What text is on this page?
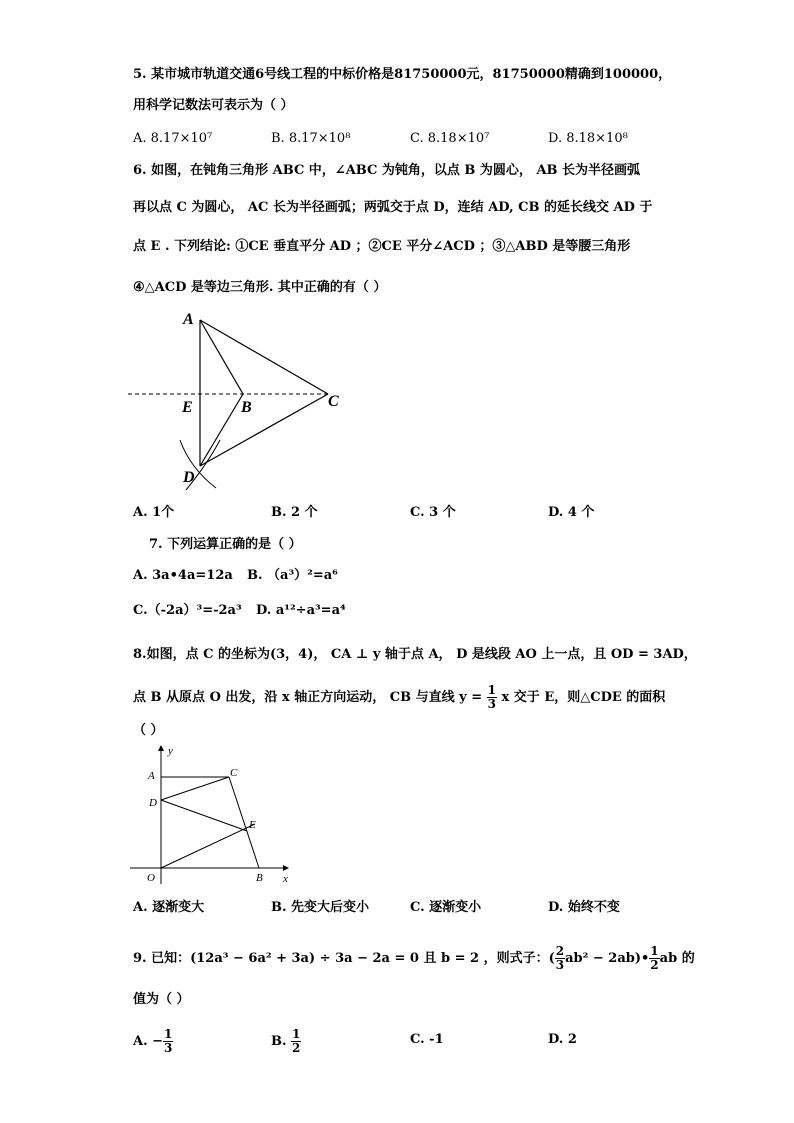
5. 某市城市轨道交通6号线工程的中标价格是81750000元，81750000精确到100000，
用科学记数法可表示为（ ）
A. 8.17×10⁷	B. 8.17×10⁸	C. 8.18×10⁷	D. 8.18×10⁸
6. 如图，在钝角三角形 ABC 中，∠ABC 为钝角，以点 B 为圆心， AB 长为半径画弧
再以点 C 为圆心， AC 长为半径画弧；两弧交于点 D，连结 AD, CB 的延长线交 AD 于
点 E . 下列结论: ①CE 垂直平分 AD ；②CE 平分∠ACD ；③△ABD 是等腰三角形
④△ACD 是等边三角形. 其中正确的有（ ）
A
B	C
D
E
A. 1个	B. 2 个	C. 3 个	D. 4 个
7. 下列运算正确的是（ ）
A. 3a•4a=12a B. （a³）²=a⁶
C.（-2a）³=-2a³ D. a¹²÷a³=a⁴
8.如图，点 C 的坐标为(3，4)， CA ⊥ y 轴于点 A， D 是线段 AO 上一点，且 OD = 3AD，
点 B 从原点 O 出发，沿 x 轴正方向运动， CB 与直线 $y = \frac{1}{3}$ x 交于 E，则△CDE 的面积
（ ）
y
x
A	C
D
E
O	B
A. 逐渐变大	B. 先变大后变小	C. 逐渐变小	D. 始终不变
9. 已知：(12a³ − 6a² + 3a) ÷ 3a − 2a = 0 且 b = 2 ，则式子：( $\frac{2}{3} ab^2$ − 2ab)• $\frac{1}{2}$ ab 的
值为（ ）
A. − $\frac{1}{3}$	B. $\frac{1}{2}$	C. -1	D. 2
